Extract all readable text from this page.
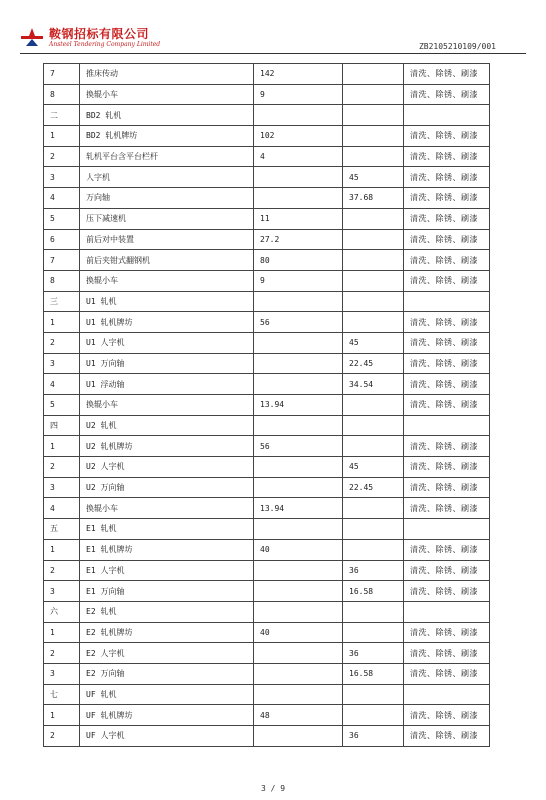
鞍钢招标有限公司
Ansteel Tendering Company Limited	ZB2105210109/001
7	推床传动	142		清洗、除锈、刷漆
8	换辊小车	9		清洗、除锈、刷漆
二	BD2 轧机			
1	BD2 轧机牌坊	102		清洗、除锈、刷漆
2	轧机平台含平台栏杆	4		清洗、除锈、刷漆
3	人字机		45	清洗、除锈、刷漆
4	万向轴		37.68	清洗、除锈、刷漆
5	压下减速机	11		清洗、除锈、刷漆
6	前后对中装置	27.2		清洗、除锈、刷漆
7	前后夹钳式翻钢机	80		清洗、除锈、刷漆
8	换辊小车	9		清洗、除锈、刷漆
三	U1 轧机			
1	U1 轧机牌坊	56		清洗、除锈、刷漆
2	U1 人字机		45	清洗、除锈、刷漆
3	U1 万向轴		22.45	清洗、除锈、刷漆
4	U1 浮动轴		34.54	清洗、除锈、刷漆
5	换辊小车	13.94		清洗、除锈、刷漆
四	U2 轧机			
1	U2 轧机牌坊	56		清洗、除锈、刷漆
2	U2 人字机		45	清洗、除锈、刷漆
3	U2 万向轴		22.45	清洗、除锈、刷漆
4	换辊小车	13.94		清洗、除锈、刷漆
五	E1 轧机			
1	E1 轧机牌坊	40		清洗、除锈、刷漆
2	E1 人字机		36	清洗、除锈、刷漆
3	E1 万向轴		16.58	清洗、除锈、刷漆
六	E2 轧机			
1	E2 轧机牌坊	40		清洗、除锈、刷漆
2	E2 人字机		36	清洗、除锈、刷漆
3	E2 万向轴		16.58	清洗、除锈、刷漆
七	UF 轧机			
1	UF 轧机牌坊	48		清洗、除锈、刷漆
2	UF 人字机		36	清洗、除锈、刷漆
3 / 9
